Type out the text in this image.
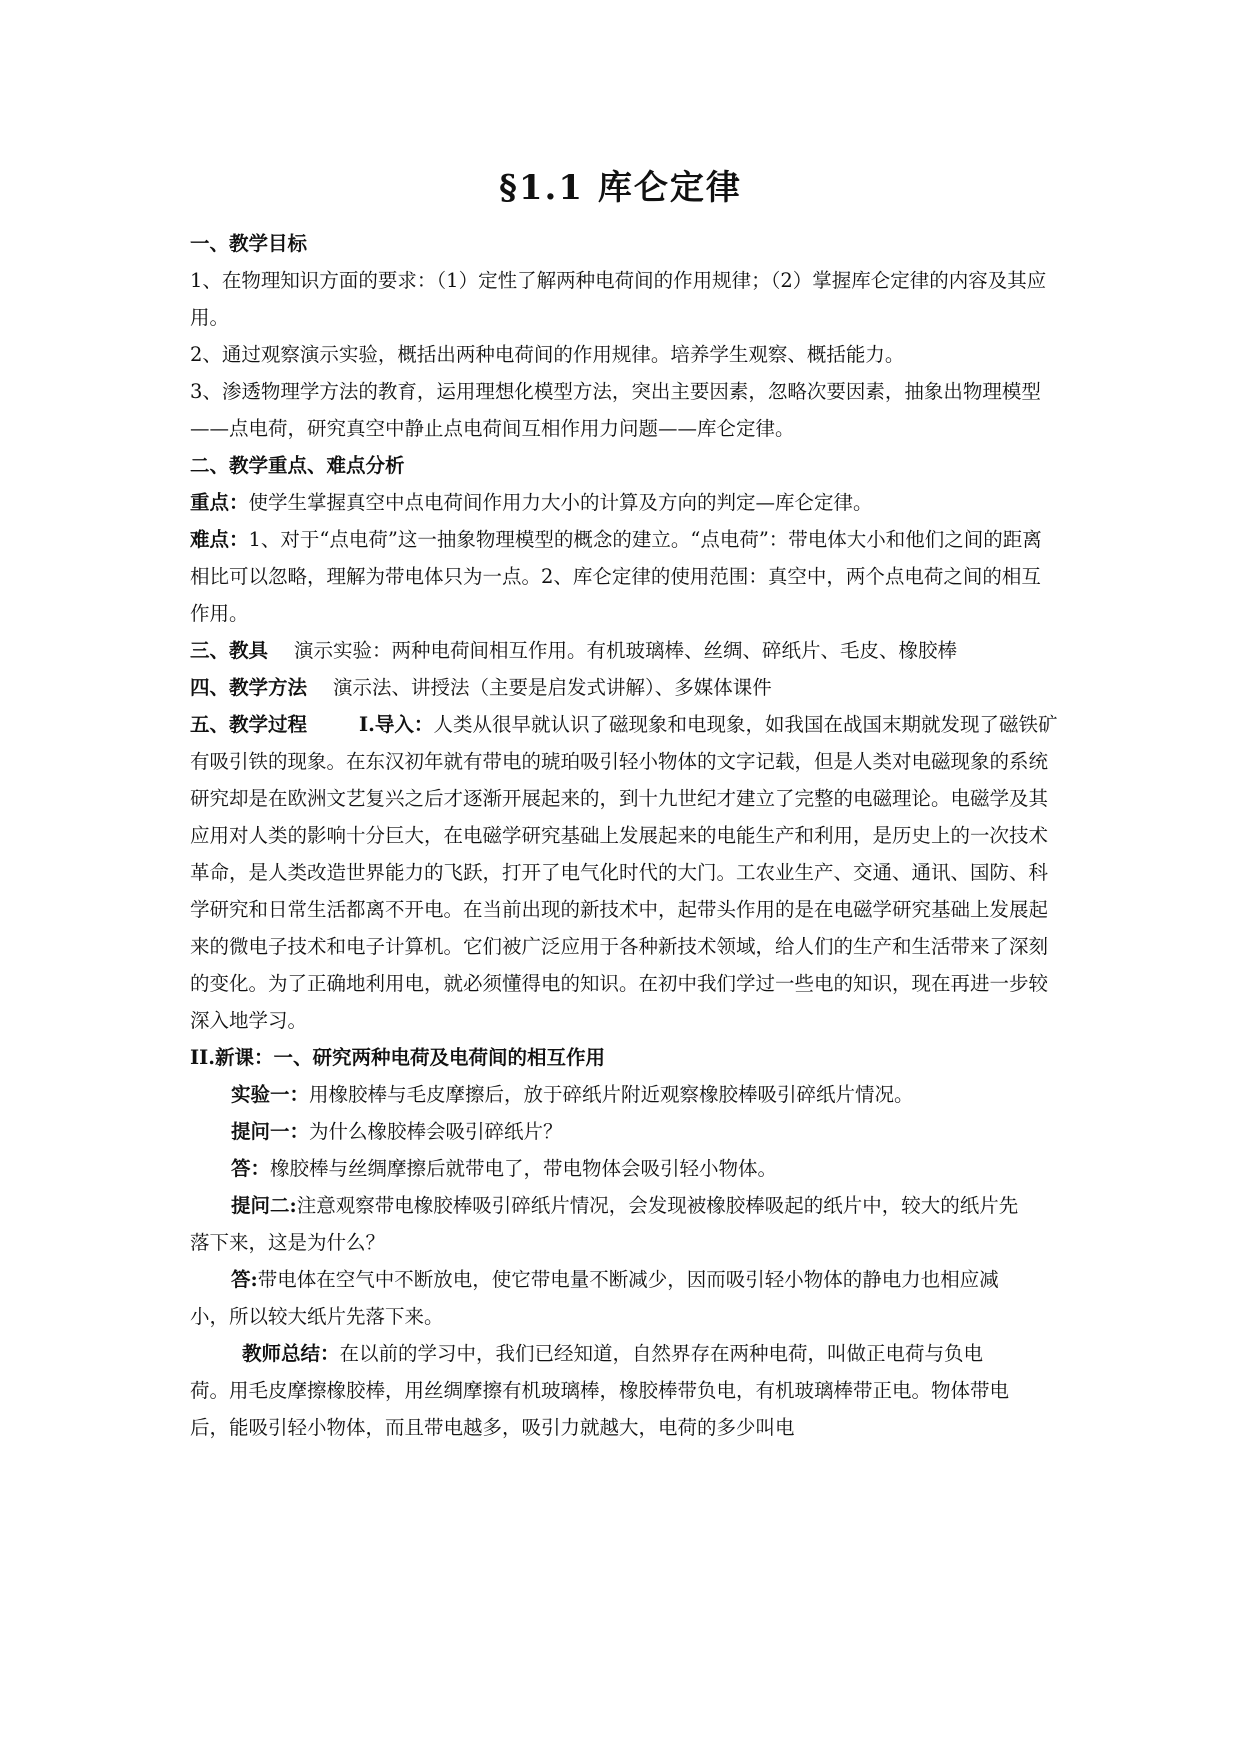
§1.1 库仑定律

一、教学目标

1、在物理知识方面的要求：（1）定性了解两种电荷间的作用规律；（2）掌握库仑定律的内容及其应用。

2、通过观察演示实验，概括出两种电荷间的作用规律。培养学生观察、概括能力。

3、渗透物理学方法的教育，运用理想化模型方法，突出主要因素，忽略次要因素，抽象出物理模型——点电荷，研究真空中静止点电荷间互相作用力问题——库仑定律。

二、教学重点、难点分析

重点：使学生掌握真空中点电荷间作用力大小的计算及方向的判定—库仑定律。

难点：1、对于“点电荷”这一抽象物理模型的概念的建立。“点电荷”：带电体大小和他们之间的距离相比可以忽略，理解为带电体只为一点。2、库仑定律的使用范围：真空中，两个点电荷之间的相互作用。

三、教具 演示实验：两种电荷间相互作用。有机玻璃棒、丝绸、碎纸片、毛皮、橡胶棒

四、教学方法 演示法、讲授法（主要是启发式讲解）、多媒体课件

五、教学过程	Ⅰ.导入：人类从很早就认识了磁现象和电现象，如我国在战国末期就发现了磁铁矿有吸引铁的现象。在东汉初年就有带电的琥珀吸引轻小物体的文字记载，但是人类对电磁现象的系统研究却是在欧洲文艺复兴之后才逐渐开展起来的，到十九世纪才建立了完整的电磁理论。电磁学及其应用对人类的影响十分巨大，在电磁学研究基础上发展起来的电能生产和利用，是历史上的一次技术革命，是人类改造世界能力的飞跃，打开了电气化时代的大门。工农业生产、交通、通讯、国防、科学研究和日常生活都离不开电。在当前出现的新技术中，起带头作用的是在电磁学研究基础上发展起来的微电子技术和电子计算机。它们被广泛应用于各种新技术领域，给人们的生产和生活带来了深刻的变化。为了正确地利用电，就必须懂得电的知识。在初中我们学过一些电的知识，现在再进一步较深入地学习。

II.新课：一、研究两种电荷及电荷间的相互作用

实验一：用橡胶棒与毛皮摩擦后，放于碎纸片附近观察橡胶棒吸引碎纸片情况。

提问一：为什么橡胶棒会吸引碎纸片？

答：橡胶棒与丝绸摩擦后就带电了，带电物体会吸引轻小物体。

提问二:注意观察带电橡胶棒吸引碎纸片情况，会发现被橡胶棒吸起的纸片中，较大的纸片先落下来，这是为什么？

答:带电体在空气中不断放电，使它带电量不断减少，因而吸引轻小物体的静电力也相应减小，所以较大纸片先落下来。

教师总结：在以前的学习中，我们已经知道，自然界存在两种电荷，叫做正电荷与负电荷。用毛皮摩擦橡胶棒，用丝绸摩擦有机玻璃棒，橡胶棒带负电，有机玻璃棒带正电。物体带电后，能吸引轻小物体，而且带电越多，吸引力就越大，电荷的多少叫电
